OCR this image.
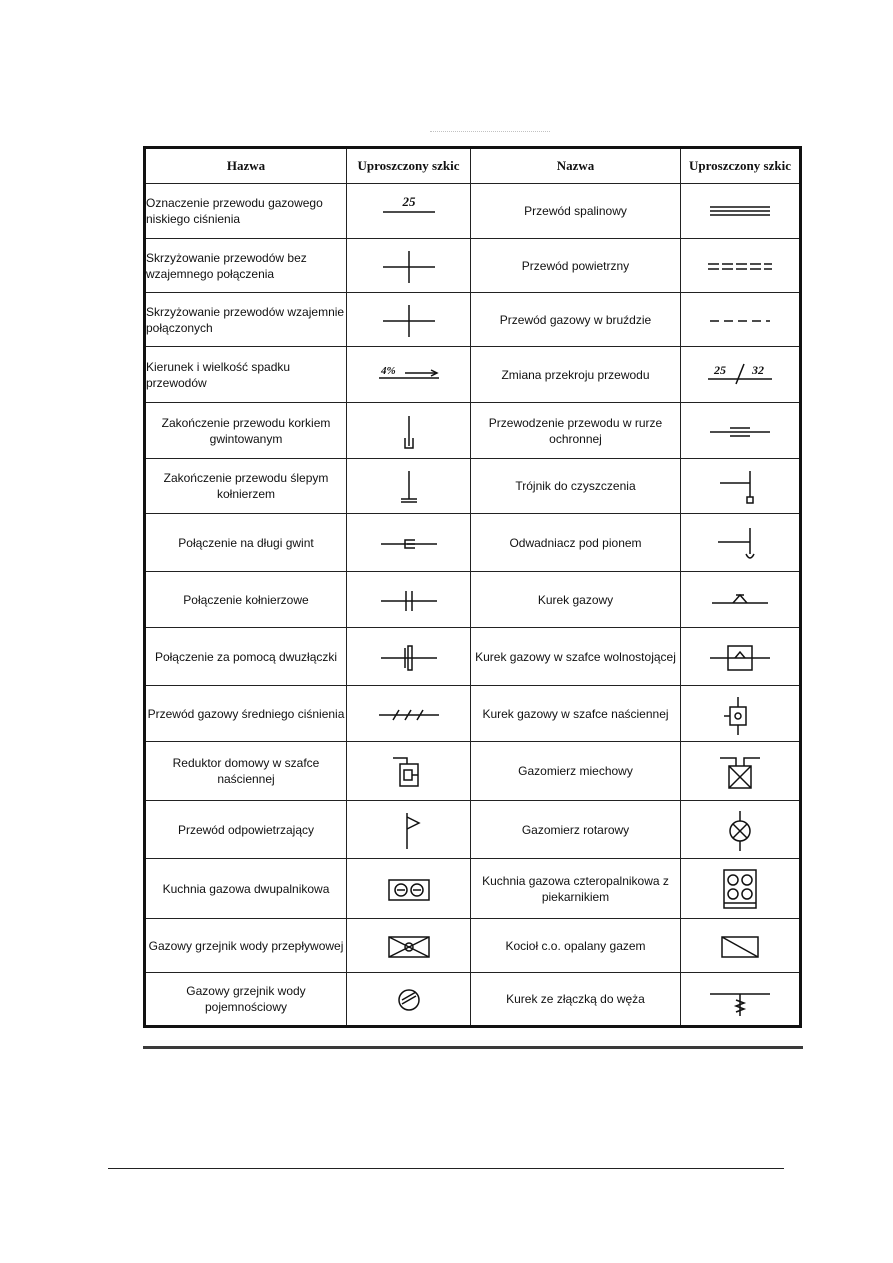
Hazwa	Uproszczony szkic	Nazwa	Uproszczony szkic
Oznaczenie przewodu gazowego niskiego ciśnienia	25	Przewód spalinowy	

Skrzyżowanie przewodów bez wzajemnego połączenia		Przewód powietrzny	

Skrzyżowanie przewodów wzajemnie połączonych		Przewód gazowy w bruździe	

Kierunek i wielkość spadku przewodów	4%	Zmiana przekroju przewodu	25 32

Zakończenie przewodu korkiem gwintowanym		Przewodzenie przewodu w rurze ochronnej	

Zakończenie przewodu ślepym kołnierzem		Trójnik do czyszczenia	

Połączenie na długi gwint		Odwadniacz pod pionem	

Połączenie kołnierzowe		Kurek gazowy	

Połączenie za pomocą dwuzłączki		Kurek gazowy w szafce wolnostojącej	

Przewód gazowy średniego ciśnienia		Kurek gazowy w szafce naściennej	

Reduktor domowy w szafce naściennej		Gazomierz miechowy	

Przewód odpowietrzający		Gazomierz rotarowy	

Kuchnia gazowa dwupalnikowa		Kuchnia gazowa czteropalnikowa z piekarnikiem	

Gazowy grzejnik wody przepływowej		Kocioł c.o. opalany gazem	

Gazowy grzejnik wody pojemnościowy		Kurek ze złączką do węża	
